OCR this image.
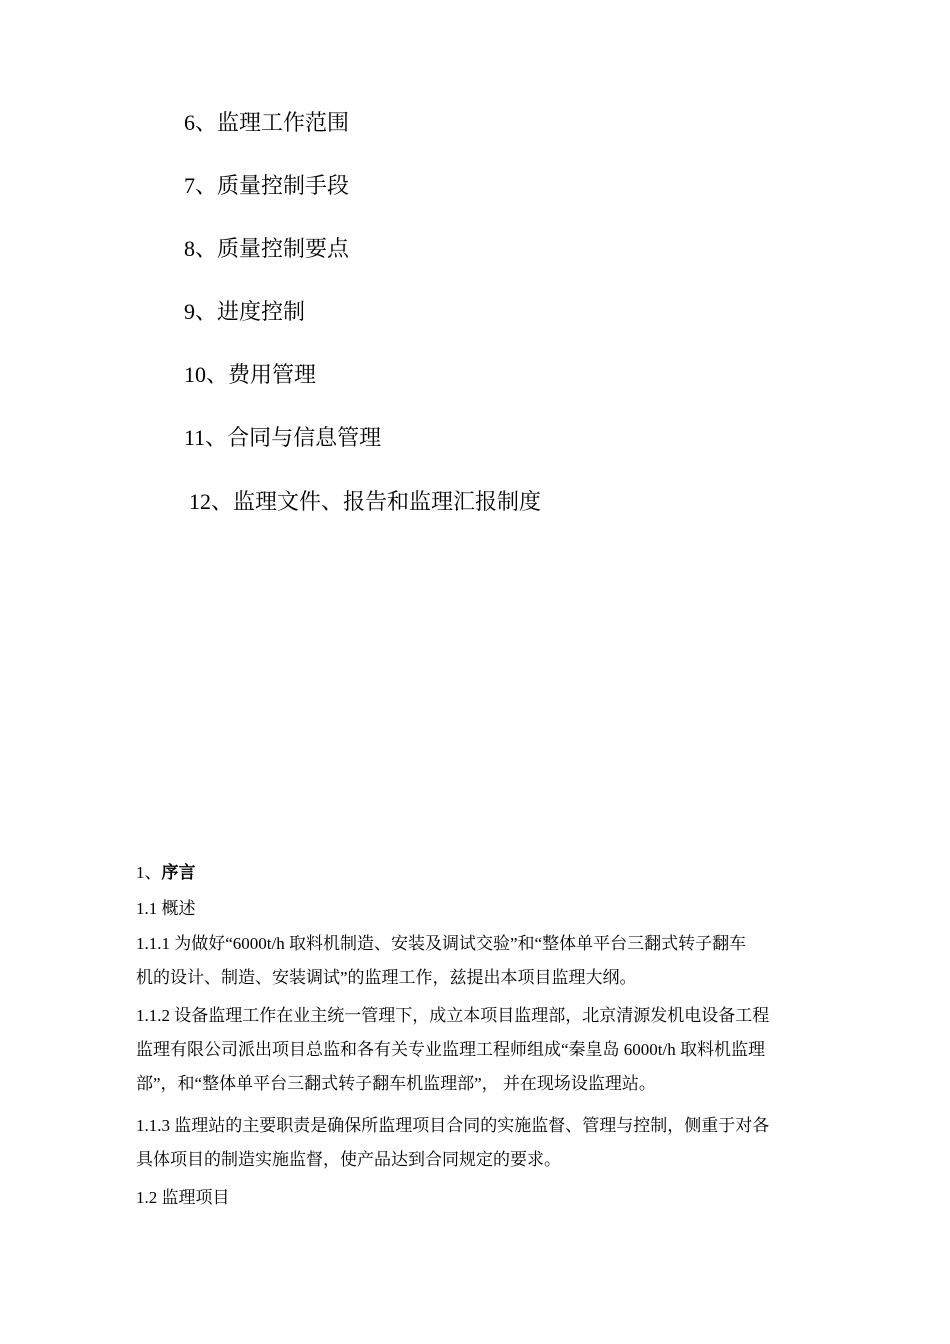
6、监理工作范围
7、质量控制手段
8、质量控制要点
9、进度控制
10、费用管理
11、合同与信息管理
12、监理文件、报告和监理汇报制度
1、序言
1.1 概述
1.1.1 为做好“6000t/h 取料机制造、安装及调试交验”和“整体单平台三翻式转子翻车
机的设计、制造、安装调试”的监理工作，兹提出本项目监理大纲。
1.1.2 设备监理工作在业主统一管理下，成立本项目监理部，北京清源发机电设备工程
监理有限公司派出项目总监和各有关专业监理工程师组成“秦皇岛 6000t/h 取料机监理
部”，和“整体单平台三翻式转子翻车机监理部”， 并在现场设监理站。
1.1.3 监理站的主要职责是确保所监理项目合同的实施监督、管理与控制，侧重于对各
具体项目的制造实施监督，使产品达到合同规定的要求。
1.2 监理项目
